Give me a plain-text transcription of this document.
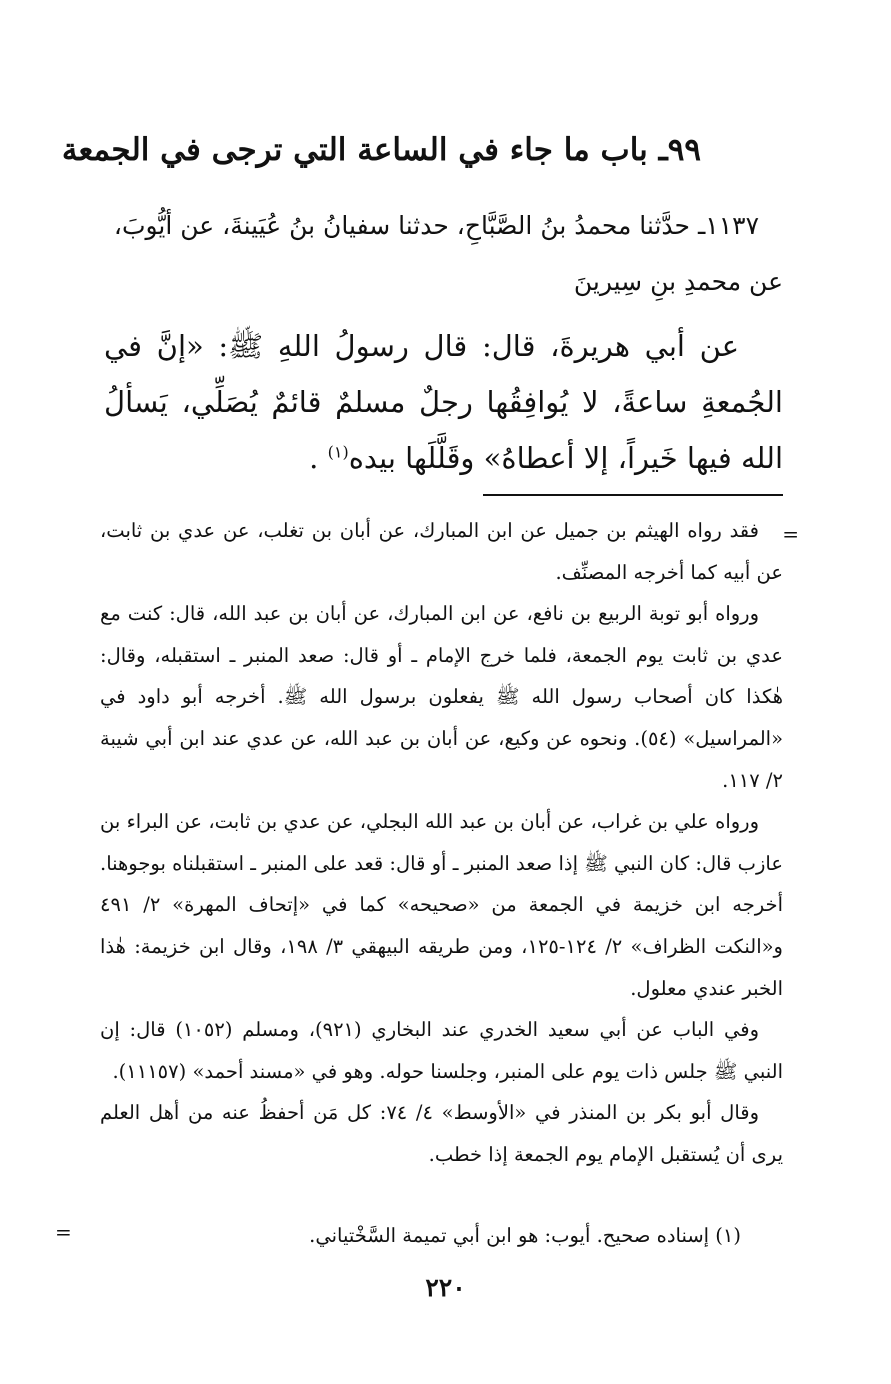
٩٩ـ باب ما جاء في الساعة التي ترجى في الجمعة
١١٣٧ـ حدَّثنا محمدُ بنُ الصَّبَّاحِ، حدثنا سفيانُ بنُ عُيَينةَ، عن أيُّوبَ،
عن محمدِ بنِ سِيرينَ
عن أبي هريرةَ، قال: قال رسولُ اللهِ ﷺ: «إنَّ في الجُمعةِ ساعةً، لا يُوافِقُها رجلٌ مسلمٌ قائمٌ يُصَلِّي، يَسألُ الله فيها خَيراً، إلا أعطاهُ» وقَلَّلَها بيده$^{(١)}$ .
=

فقد رواه الهيثم بن جميل عن ابن المبارك، عن أبان بن تغلب، عن عدي بن ثابت، عن أبيه كما أخرجه المصنِّف.

ورواه أبو توبة الربيع بن نافع، عن ابن المبارك، عن أبان بن عبد الله، قال: كنت مع عدي بن ثابت يوم الجمعة، فلما خرج الإمام ـ أو قال: صعد المنبر ـ استقبله، وقال: هٰكذا كان أصحاب رسول الله ﷺ يفعلون برسول الله ﷺ. أخرجه أبو داود في «المراسيل» (٥٤). ونحوه عن وكيع، عن أبان بن عبد الله، عن عدي عند ابن أبي شيبة ٢/ ١١٧.

ورواه علي بن غراب، عن أبان بن عبد الله البجلي، عن عدي بن ثابت، عن البراء بن عازب قال: كان النبي ﷺ إذا صعد المنبر ـ أو قال: قعد على المنبر ـ استقبلناه بوجوهنا. أخرجه ابن خزيمة في الجمعة من «صحيحه» كما في «إتحاف المهرة» ٢/ ٤٩١ و«النكت الظراف» ٢/ ١٢٤-١٢٥، ومن طريقه البيهقي ٣/ ١٩٨، وقال ابن خزيمة: هٰذا الخبر عندي معلول.

وفي الباب عن أبي سعيد الخدري عند البخاري (٩٢١)، ومسلم (١٠٥٢) قال: إن النبي ﷺ جلس ذات يوم على المنبر، وجلسنا حوله. وهو في «مسند أحمد» (١١١٥٧).

وقال أبو بكر بن المنذر في «الأوسط» ٤/ ٧٤: كل مَن أحفظُ عنه من أهل العلم يرى أن يُستقبل الإمام يوم الجمعة إذا خطب.

(١) إسناده صحيح. أيوب: هو ابن أبي تميمة السَّخْتياني.
=
٢٢٠
